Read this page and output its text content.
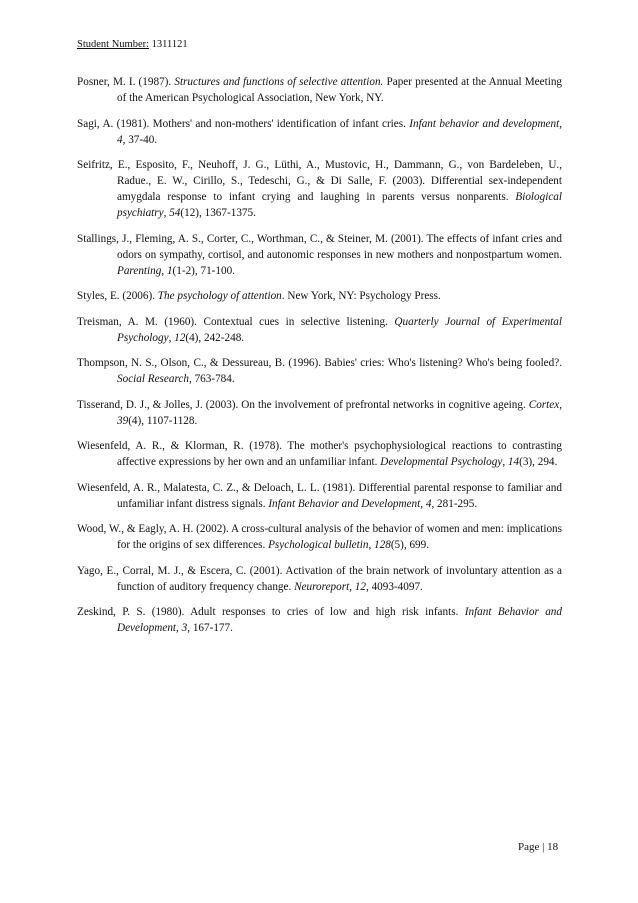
Student Number: 1311121

Posner, M. I. (1987). Structures and functions of selective attention. Paper presented at the Annual Meeting of the American Psychological Association, New York, NY.

Sagi, A. (1981). Mothers' and non-mothers' identification of infant cries. Infant behavior and development, 4, 37-40.

Seifritz, E., Esposito, F., Neuhoff, J. G., Lüthi, A., Mustovic, H., Dammann, G., von Bardeleben, U., Radue., E. W., Cirillo, S., Tedeschi, G., & Di Salle, F. (2003). Differential sex-independent amygdala response to infant crying and laughing in parents versus nonparents. Biological psychiatry, 54(12), 1367-1375.

Stallings, J., Fleming, A. S., Corter, C., Worthman, C., & Steiner, M. (2001). The effects of infant cries and odors on sympathy, cortisol, and autonomic responses in new mothers and nonpostpartum women. Parenting, 1(1-2), 71-100.

Styles, E. (2006). The psychology of attention. New York, NY: Psychology Press.

Treisman, A. M. (1960). Contextual cues in selective listening. Quarterly Journal of Experimental Psychology, 12(4), 242-248.

Thompson, N. S., Olson, C., & Dessureau, B. (1996). Babies' cries: Who's listening? Who's being fooled?. Social Research, 763-784.

Tisserand, D. J., & Jolles, J. (2003). On the involvement of prefrontal networks in cognitive ageing. Cortex, 39(4), 1107-1128.

Wiesenfeld, A. R., & Klorman, R. (1978). The mother's psychophysiological reactions to contrasting affective expressions by her own and an unfamiliar infant. Developmental Psychology, 14(3), 294.

Wiesenfeld, A. R., Malatesta, C. Z., & Deloach, L. L. (1981). Differential parental response to familiar and unfamiliar infant distress signals. Infant Behavior and Development, 4, 281-295.

Wood, W., & Eagly, A. H. (2002). A cross-cultural analysis of the behavior of women and men: implications for the origins of sex differences. Psychological bulletin, 128(5), 699.

Yago, E., Corral, M. J., & Escera, C. (2001). Activation of the brain network of involuntary attention as a function of auditory frequency change. Neuroreport, 12, 4093-4097.

Zeskind, P. S. (1980). Adult responses to cries of low and high risk infants. Infant Behavior and Development, 3, 167-177.

Page | 18
